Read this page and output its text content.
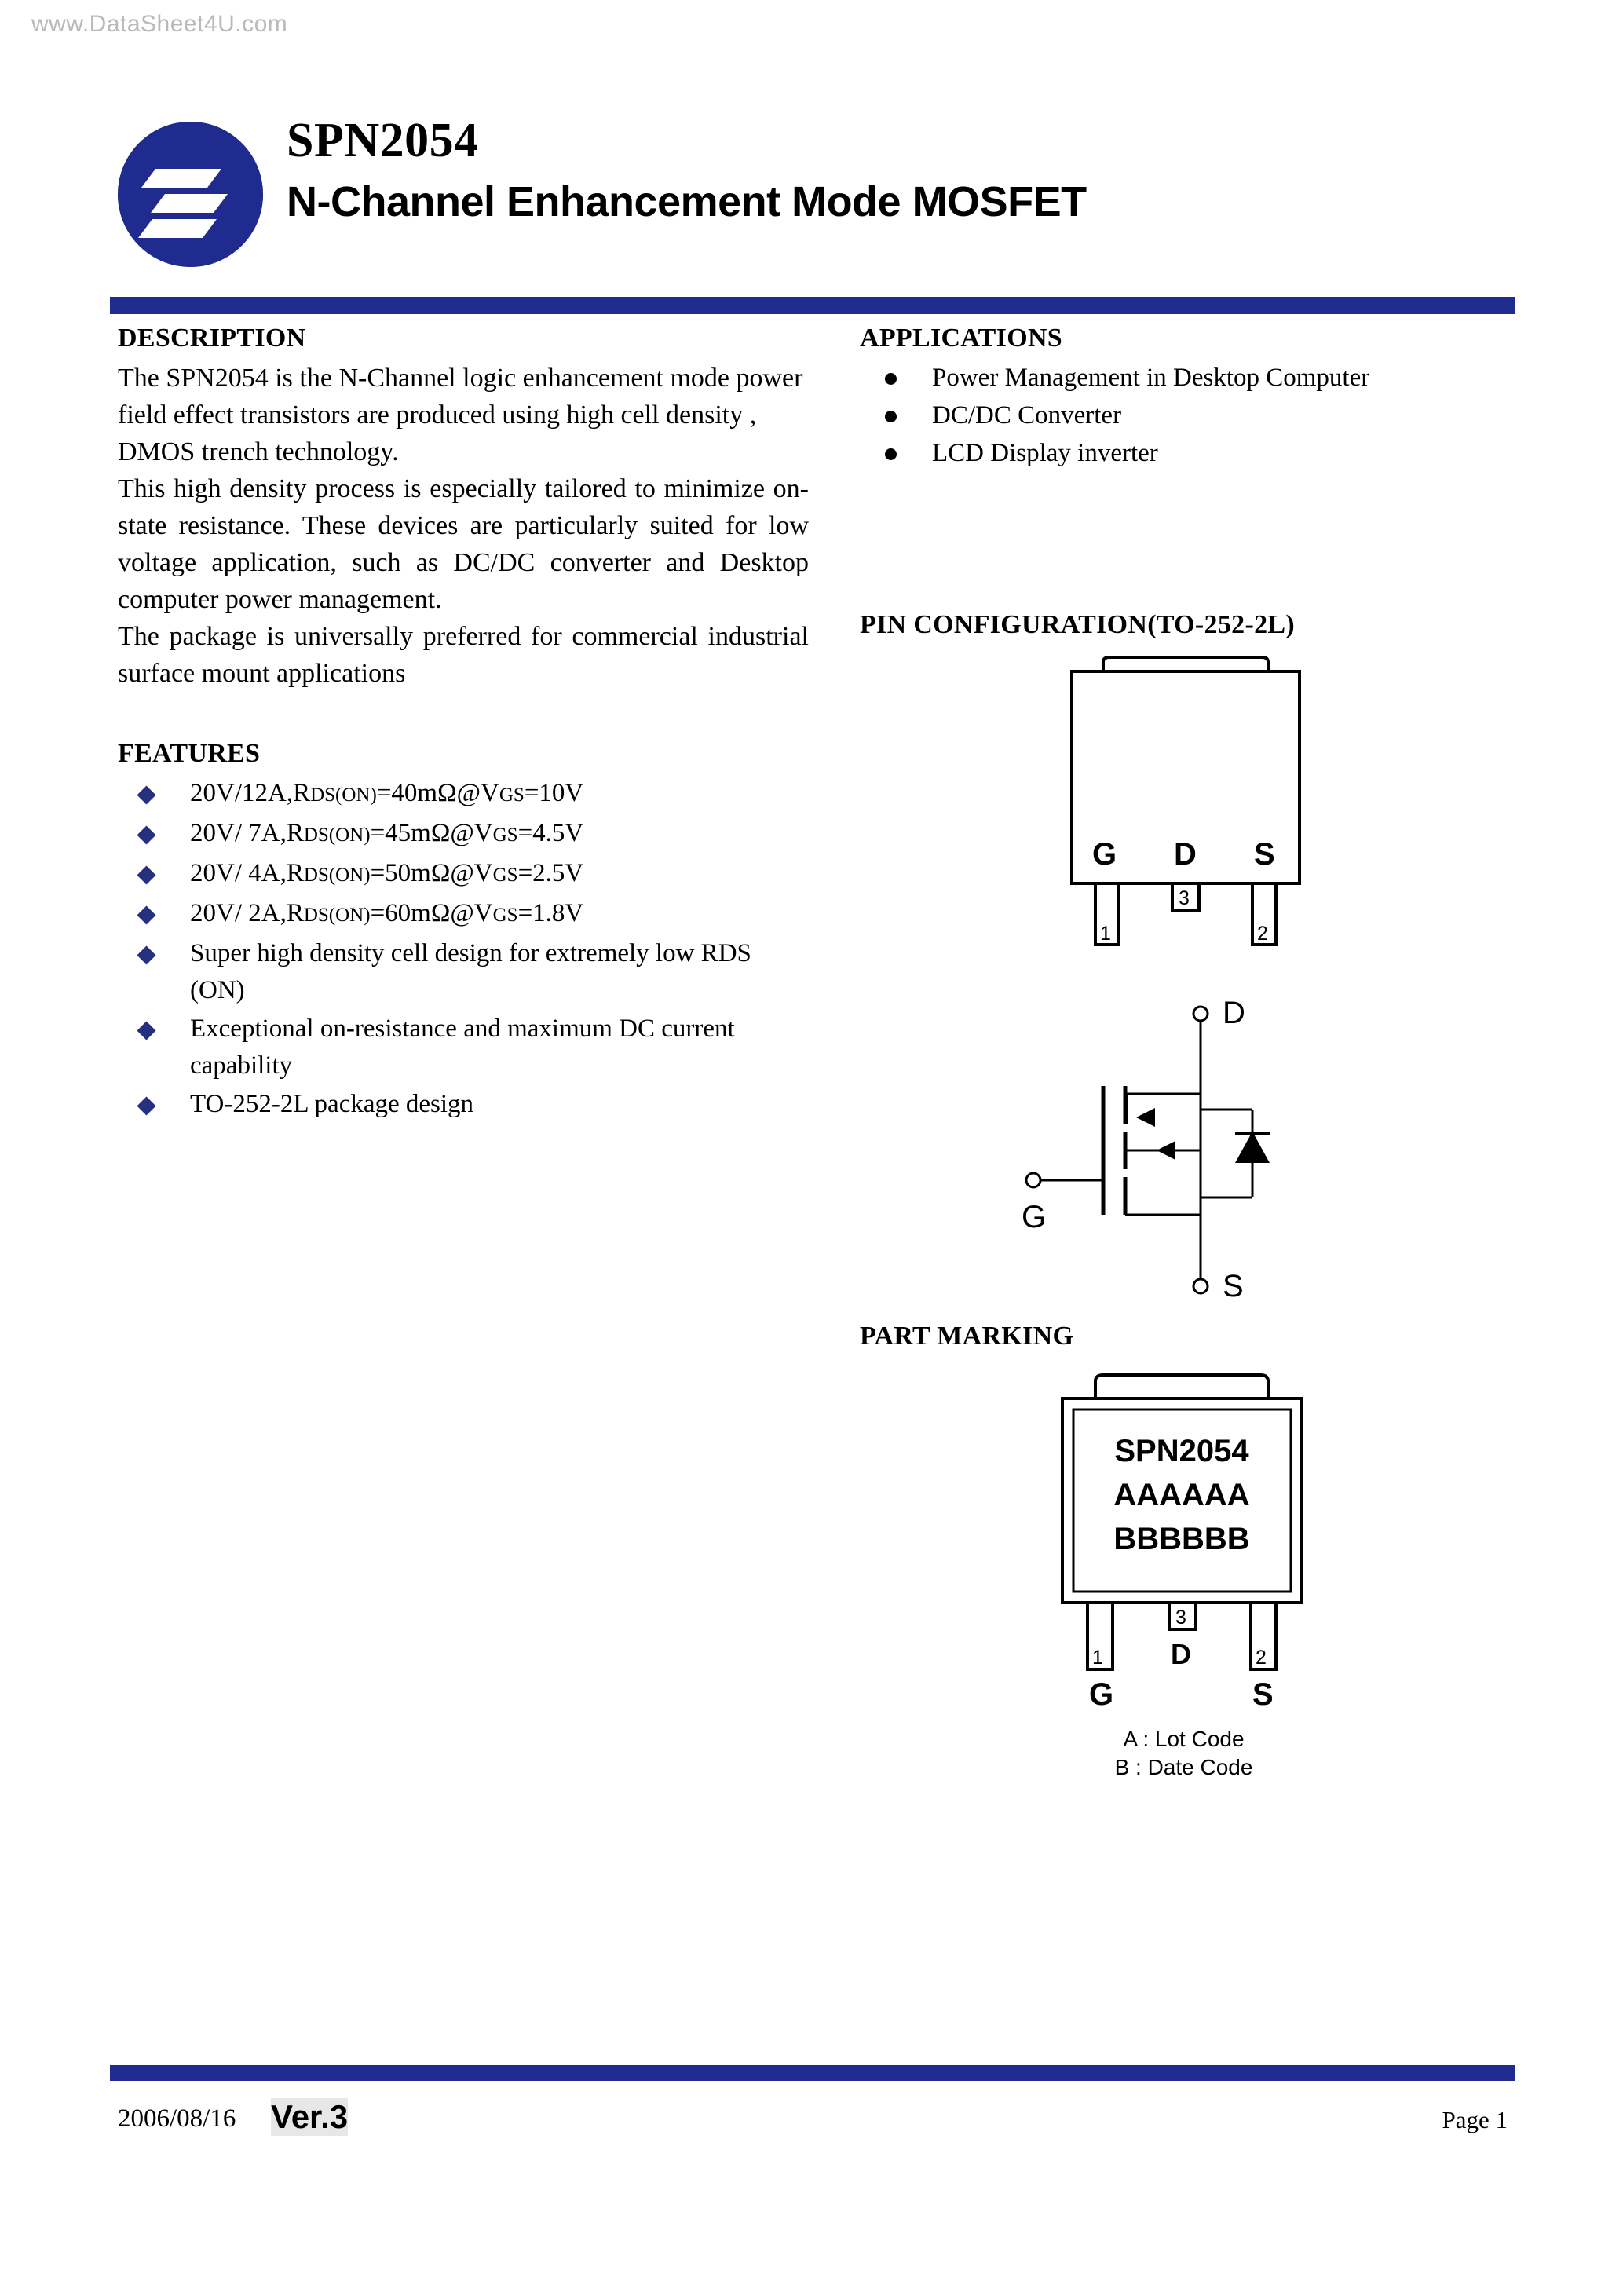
www.DataSheet4U.com
SPN2054
N-Channel Enhancement Mode MOSFET
DESCRIPTION

The SPN2054 is the N-Channel logic enhancement mode power field effect transistors are produced using high cell density , DMOS trench technology.

This high density process is especially tailored to minimize on-state resistance. These devices are particularly suited for low voltage application, such as DC/DC converter and Desktop computer power management.

The package is universally preferred for commercial industrial surface mount applications

FEATURES
20V/12A,RDS(ON)=40mΩ@VGS=10V
20V/ 7A,RDS(ON)=45mΩ@VGS=4.5V
20V/ 4A,RDS(ON)=50mΩ@VGS=2.5V
20V/ 2A,RDS(ON)=60mΩ@VGS=1.8V
Super high density cell design for extremely low RDS (ON)
Exceptional on-resistance and maximum DC current capability
TO-252-2L package design
APPLICATIONS
Power Management in Desktop Computer
DC/DC Converter
LCD Display inverter
PIN CONFIGURATION(TO-252-2L)
3
1	2
G D S
D
G
S
PART MARKING
SPN2054
AAAAAA
BBBBBB
3
1	2
D
G	S
A : Lot Code
B : Date Code
2006/08/16 Ver.3	Page 1
